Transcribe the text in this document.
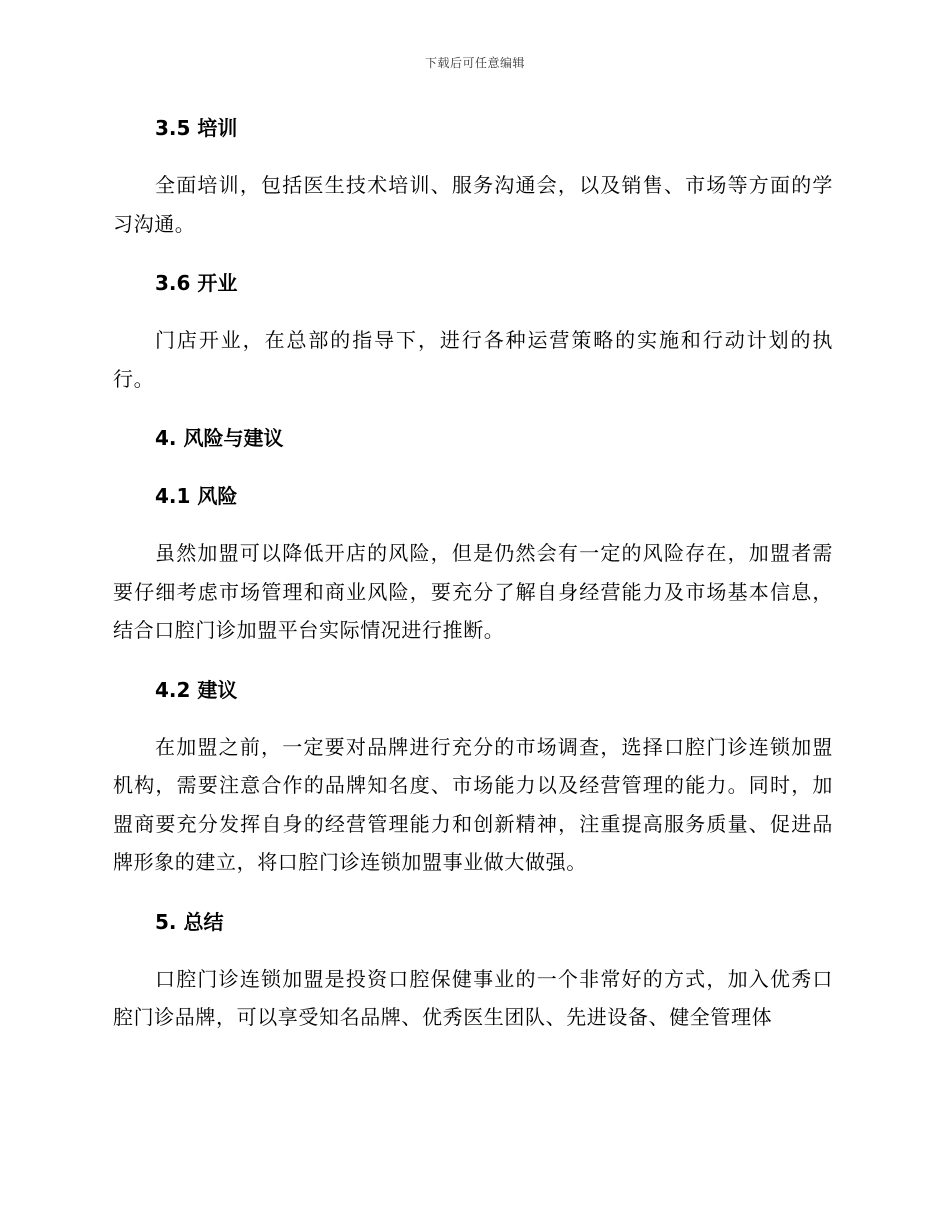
下载后可任意编辑
3.5 培训

全面培训，包括医生技术培训、服务沟通会，以及销售、市场等方面的学习沟通。

3.6 开业

门店开业，在总部的指导下，进行各种运营策略的实施和行动计划的执行。

4. 风险与建议
4.1 风险

虽然加盟可以降低开店的风险，但是仍然会有一定的风险存在，加盟者需要仔细考虑市场管理和商业风险，要充分了解自身经营能力及市场基本信息，结合口腔门诊加盟平台实际情况进行推断。

4.2 建议

在加盟之前，一定要对品牌进行充分的市场调查，选择口腔门诊连锁加盟机构，需要注意合作的品牌知名度、市场能力以及经营管理的能力。同时，加盟商要充分发挥自身的经营管理能力和创新精神，注重提高服务质量、促进品牌形象的建立，将口腔门诊连锁加盟事业做大做强。

5. 总结

口腔门诊连锁加盟是投资口腔保健事业的一个非常好的方式，加入优秀口腔门诊品牌，可以享受知名品牌、优秀医生团队、先进设备、健全管理体
